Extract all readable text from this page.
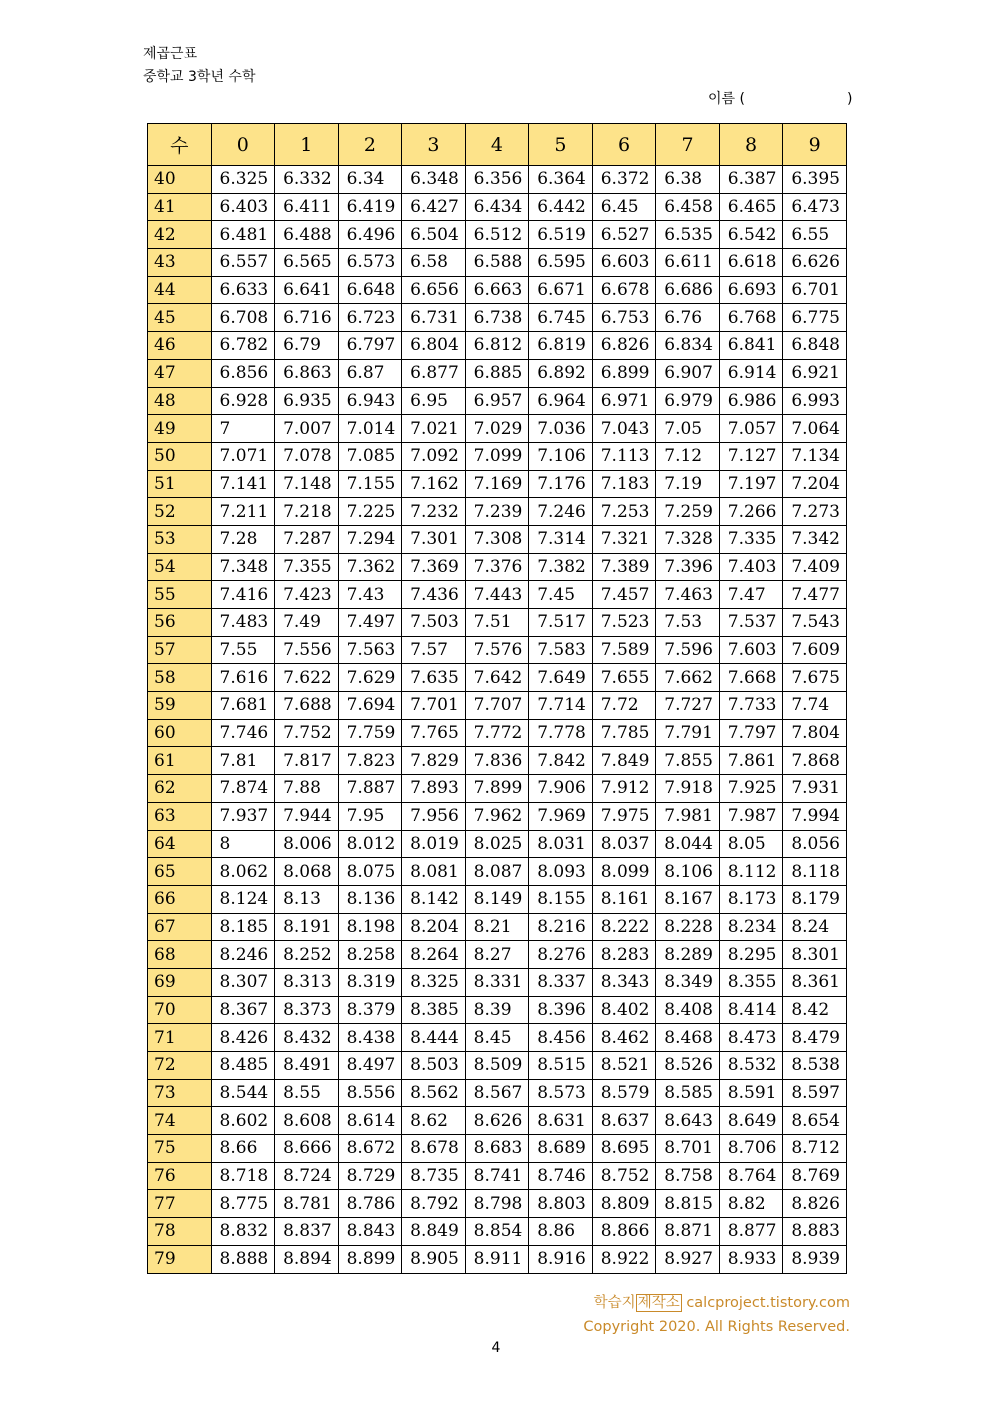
제곱근표
중학교 3학년 수학
이름 (	)
수	0	1	2	3	4	5	6	7	8	9
40	6.325	6.332	6.34	6.348	6.356	6.364	6.372	6.38	6.387	6.395
41	6.403	6.411	6.419	6.427	6.434	6.442	6.45	6.458	6.465	6.473
42	6.481	6.488	6.496	6.504	6.512	6.519	6.527	6.535	6.542	6.55
43	6.557	6.565	6.573	6.58	6.588	6.595	6.603	6.611	6.618	6.626
44	6.633	6.641	6.648	6.656	6.663	6.671	6.678	6.686	6.693	6.701
45	6.708	6.716	6.723	6.731	6.738	6.745	6.753	6.76	6.768	6.775
46	6.782	6.79	6.797	6.804	6.812	6.819	6.826	6.834	6.841	6.848
47	6.856	6.863	6.87	6.877	6.885	6.892	6.899	6.907	6.914	6.921
48	6.928	6.935	6.943	6.95	6.957	6.964	6.971	6.979	6.986	6.993
49	7	7.007	7.014	7.021	7.029	7.036	7.043	7.05	7.057	7.064
50	7.071	7.078	7.085	7.092	7.099	7.106	7.113	7.12	7.127	7.134
51	7.141	7.148	7.155	7.162	7.169	7.176	7.183	7.19	7.197	7.204
52	7.211	7.218	7.225	7.232	7.239	7.246	7.253	7.259	7.266	7.273
53	7.28	7.287	7.294	7.301	7.308	7.314	7.321	7.328	7.335	7.342
54	7.348	7.355	7.362	7.369	7.376	7.382	7.389	7.396	7.403	7.409
55	7.416	7.423	7.43	7.436	7.443	7.45	7.457	7.463	7.47	7.477
56	7.483	7.49	7.497	7.503	7.51	7.517	7.523	7.53	7.537	7.543
57	7.55	7.556	7.563	7.57	7.576	7.583	7.589	7.596	7.603	7.609
58	7.616	7.622	7.629	7.635	7.642	7.649	7.655	7.662	7.668	7.675
59	7.681	7.688	7.694	7.701	7.707	7.714	7.72	7.727	7.733	7.74
60	7.746	7.752	7.759	7.765	7.772	7.778	7.785	7.791	7.797	7.804
61	7.81	7.817	7.823	7.829	7.836	7.842	7.849	7.855	7.861	7.868
62	7.874	7.88	7.887	7.893	7.899	7.906	7.912	7.918	7.925	7.931
63	7.937	7.944	7.95	7.956	7.962	7.969	7.975	7.981	7.987	7.994
64	8	8.006	8.012	8.019	8.025	8.031	8.037	8.044	8.05	8.056
65	8.062	8.068	8.075	8.081	8.087	8.093	8.099	8.106	8.112	8.118
66	8.124	8.13	8.136	8.142	8.149	8.155	8.161	8.167	8.173	8.179
67	8.185	8.191	8.198	8.204	8.21	8.216	8.222	8.228	8.234	8.24
68	8.246	8.252	8.258	8.264	8.27	8.276	8.283	8.289	8.295	8.301
69	8.307	8.313	8.319	8.325	8.331	8.337	8.343	8.349	8.355	8.361
70	8.367	8.373	8.379	8.385	8.39	8.396	8.402	8.408	8.414	8.42
71	8.426	8.432	8.438	8.444	8.45	8.456	8.462	8.468	8.473	8.479
72	8.485	8.491	8.497	8.503	8.509	8.515	8.521	8.526	8.532	8.538
73	8.544	8.55	8.556	8.562	8.567	8.573	8.579	8.585	8.591	8.597
74	8.602	8.608	8.614	8.62	8.626	8.631	8.637	8.643	8.649	8.654
75	8.66	8.666	8.672	8.678	8.683	8.689	8.695	8.701	8.706	8.712
76	8.718	8.724	8.729	8.735	8.741	8.746	8.752	8.758	8.764	8.769
77	8.775	8.781	8.786	8.792	8.798	8.803	8.809	8.815	8.82	8.826
78	8.832	8.837	8.843	8.849	8.854	8.86	8.866	8.871	8.877	8.883
79	8.888	8.894	8.899	8.905	8.911	8.916	8.922	8.927	8.933	8.939
학습지 제작소 calcproject.tistory.com
Copyright 2020. All Rights Reserved.
4
